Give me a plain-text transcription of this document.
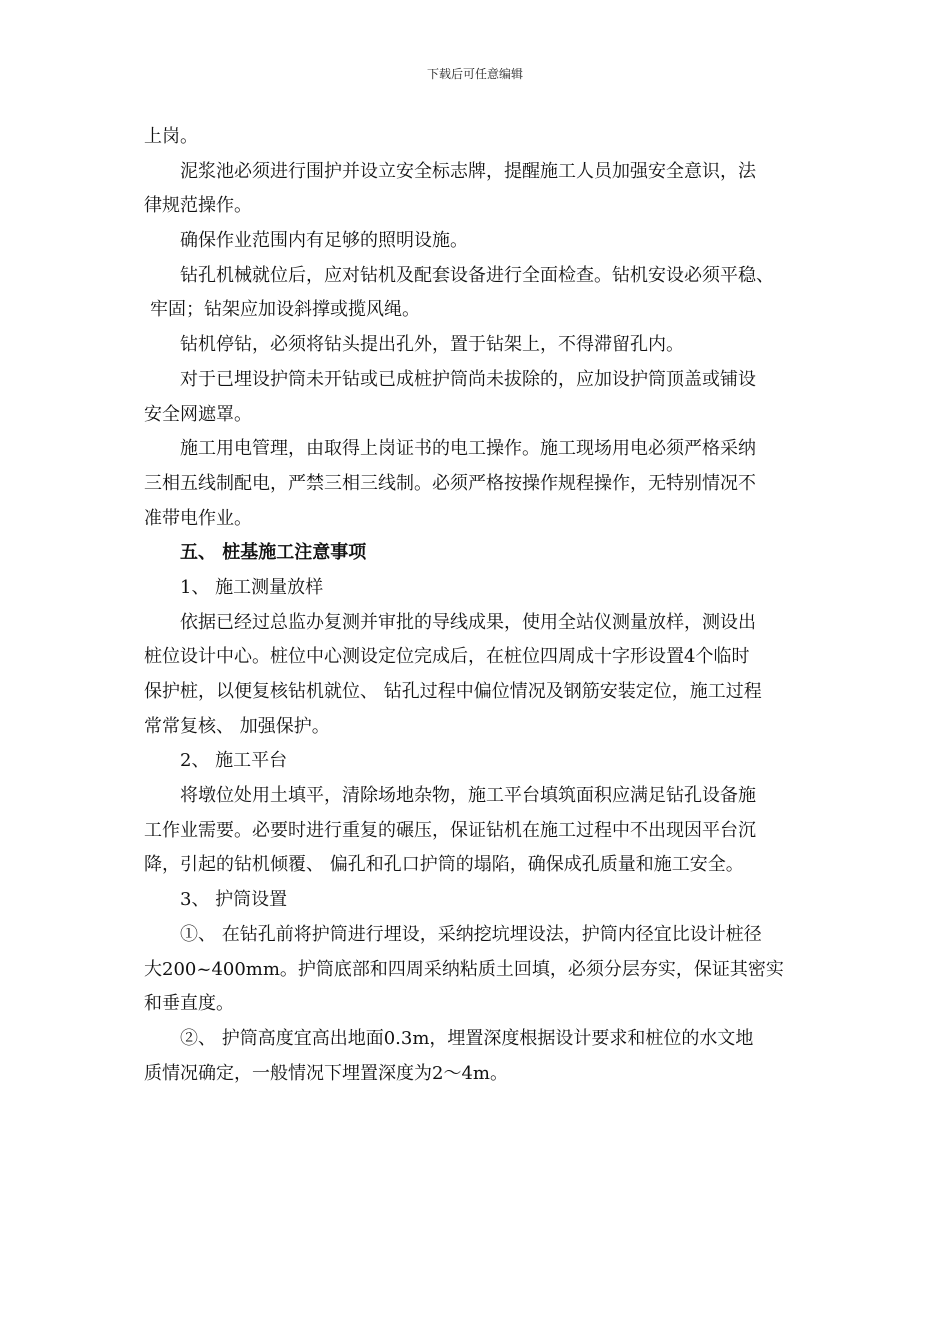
下载后可任意编辑
上岗。
泥浆池必须进行围护并设立安全标志牌，提醒施工人员加强安全意识，法
律规范操作。
确保作业范围内有足够的照明设施。
钻孔机械就位后，应对钻机及配套设备进行全面检查。钻机安设必须平稳、
牢固；钻架应加设斜撑或揽风绳。
钻机停钻，必须将钻头提出孔外，置于钻架上，不得滞留孔内。
对于已埋设护筒未开钻或已成桩护筒尚未拔除的，应加设护筒顶盖或铺设
安全网遮罩。
施工用电管理，由取得上岗证书的电工操作。施工现场用电必须严格采纳
三相五线制配电，严禁三相三线制。必须严格按操作规程操作，无特别情况不
准带电作业。
五、 桩基施工注意事项
1、 施工测量放样
依据已经过总监办复测并审批的导线成果，使用全站仪测量放样，测设出
桩位设计中心。桩位中心测设定位完成后，在桩位四周成十字形设置4个临时
保护桩，以便复核钻机就位、 钻孔过程中偏位情况及钢筋安装定位，施工过程
常常复核、 加强保护。
2、 施工平台
将墩位处用土填平，清除场地杂物，施工平台填筑面积应满足钻孔设备施
工作业需要。必要时进行重复的碾压，保证钻机在施工过程中不出现因平台沉
降，引起的钻机倾覆、 偏孔和孔口护筒的塌陷，确保成孔质量和施工安全。
3、 护筒设置
①、 在钻孔前将护筒进行埋设，采纳挖坑埋设法，护筒内径宜比设计桩径
大200~400mm。护筒底部和四周采纳粘质土回填，必须分层夯实，保证其密实
和垂直度。
②、 护筒高度宜高出地面0.3m，埋置深度根据设计要求和桩位的水文地
质情况确定，一般情况下埋置深度为2～4m。
